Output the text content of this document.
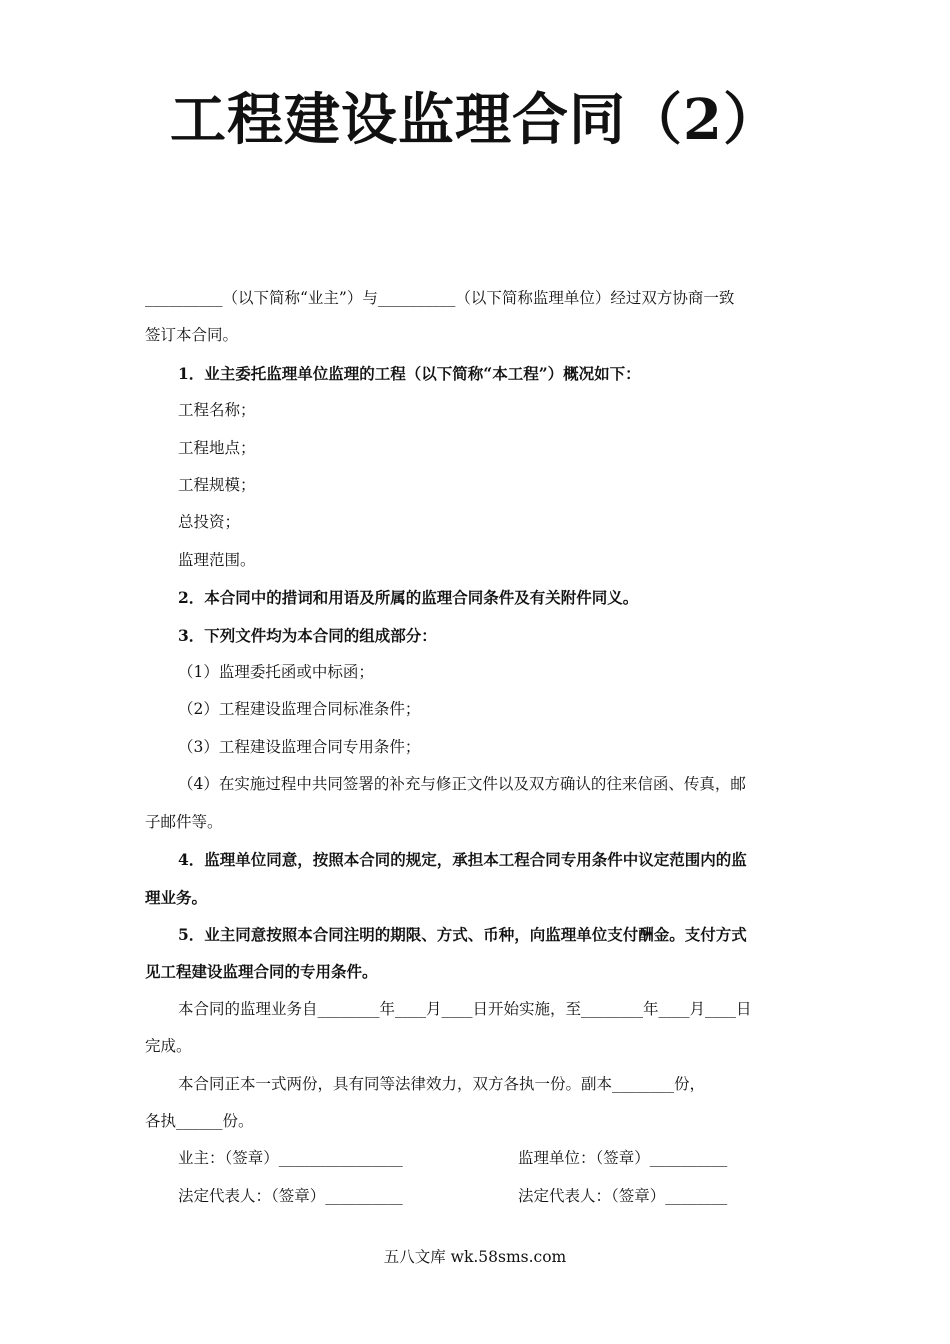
工程建设监理合同（2）

__________（以下简称“业主”）与__________（以下简称监理单位）经过双方协商一致

签订本合同。

1．业主委托监理单位监理的工程（以下简称“本工程”）概况如下：

工程名称；

工程地点；

工程规模；

总投资；

监理范围。

2．本合同中的措词和用语及所属的监理合同条件及有关附件同义。

3．下列文件均为本合同的组成部分：

（1）监理委托函或中标函；

（2）工程建设监理合同标准条件；

（3）工程建设监理合同专用条件；

（4）在实施过程中共同签署的补充与修正文件以及双方确认的往来信函、传真，邮

子邮件等。

4．监理单位同意，按照本合同的规定，承担本工程合同专用条件中议定范围内的监

理业务。

5．业主同意按照本合同注明的期限、方式、币种，向监理单位支付酬金。支付方式

见工程建设监理合同的专用条件。

本合同的监理业务自________年____月____日开始实施，至________年____月____日

完成。

本合同正本一式两份，具有同等法律效力，双方各执一份。副本________份，

各执______份。

业主：（签章）________________	监理单位：（签章）__________
法定代表人：（签章）__________	法定代表人：（签章）________
五八文库 wk.58sms.com
